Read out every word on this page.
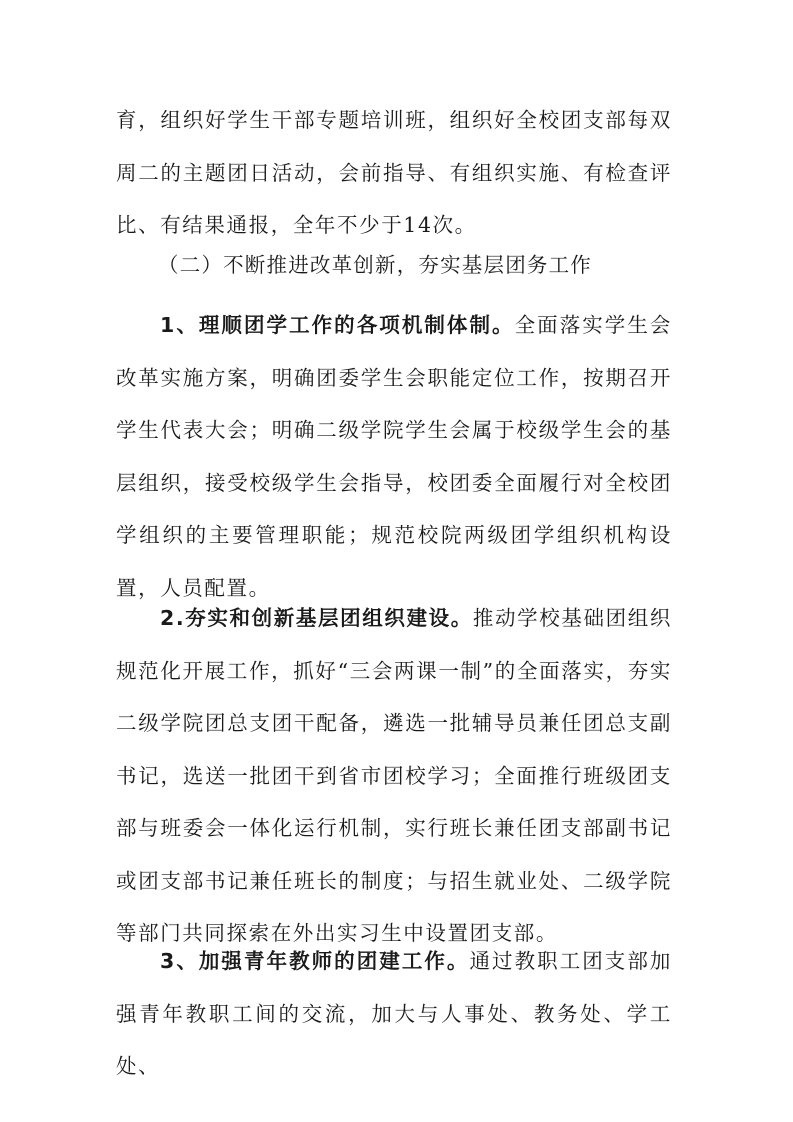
育，组织好学生干部专题培训班，组织好全校团支部每双周二的主题团日活动，会前指导、有组织实施、有检查评比、有结果通报，全年不少于14次。
（二）不断推进改革创新，夯实基层团务工作
1、理顺团学工作的各项机制体制。全面落实学生会改革实施方案，明确团委学生会职能定位工作，按期召开学生代表大会；明确二级学院学生会属于校级学生会的基层组织，接受校级学生会指导，校团委全面履行对全校团学组织的主要管理职能；规范校院两级团学组织机构设置，人员配置。
2.夯实和创新基层团组织建设。推动学校基础团组织规范化开展工作，抓好“三会两课一制”的全面落实，夯实二级学院团总支团干配备，遴选一批辅导员兼任团总支副书记，选送一批团干到省市团校学习；全面推行班级团支部与班委会一体化运行机制，实行班长兼任团支部副书记或团支部书记兼任班长的制度；与招生就业处、二级学院等部门共同探索在外出实习生中设置团支部。
3、加强青年教师的团建工作。通过教职工团支部加强青年教职工间的交流，加大与人事处、教务处、学工处、
